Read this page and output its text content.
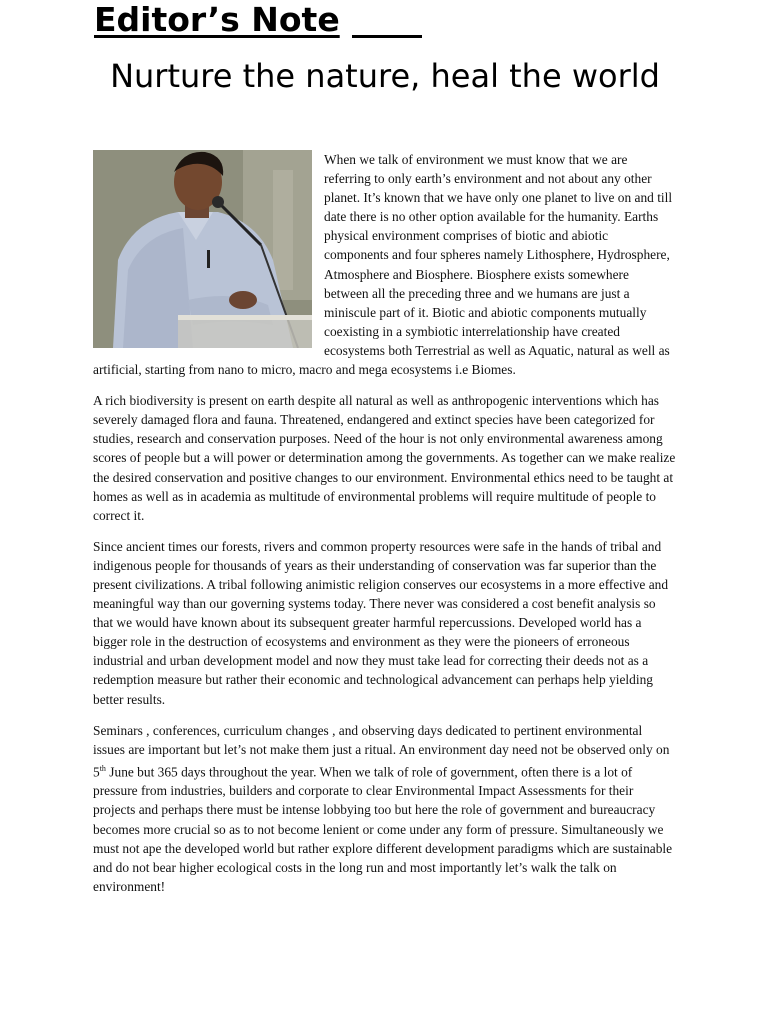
Editor’s Note
Nurture the nature, heal the world

When we talk of environment we must know that we are referring to only earth’s environment and not about any other planet. It’s known that we have only one planet to live on and till date there is no other option available for the humanity. Earths physical environment comprises of biotic and abiotic components and four spheres namely Lithosphere, Hydrosphere, Atmosphere and Biosphere. Biosphere exists somewhere between all the preceding three and we humans are just a miniscule part of it. Biotic and abiotic components mutually coexisting in a symbiotic interrelationship have created ecosystems both Terrestrial as well as Aquatic, natural as well as artificial, starting from nano to micro, macro and mega ecosystems i.e Biomes.

A rich biodiversity is present on earth despite all natural as well as anthropogenic interventions which has severely damaged flora and fauna. Threatened, endangered and extinct species have been categorized for studies, research and conservation purposes. Need of the hour is not only environmental awareness among scores of people but a will power or determination among the governments. As together can we make realize the desired conservation and positive changes to our environment. Environmental ethics need to be taught at homes as well as in academia as multitude of environmental problems will require multitude of people to correct it.

Since ancient times our forests, rivers and common property resources were safe in the hands of tribal and indigenous people for thousands of years as their understanding of conservation was far superior than the present civilizations. A tribal following animistic religion conserves our ecosystems in a more effective and meaningful way than our governing systems today. There never was considered a cost benefit analysis so that we would have known about its subsequent greater harmful repercussions. Developed world has a bigger role in the destruction of ecosystems and environment as they were the pioneers of erroneous industrial and urban development model and now they must take lead for correcting their deeds not as a redemption measure but rather their economic and technological advancement can perhaps help yielding better results.

Seminars , conferences, curriculum changes , and observing days dedicated to pertinent environmental issues are important but let’s not make them just a ritual. An environment day need not be observed only on 5th June but 365 days throughout the year. When we talk of role of government, often there is a lot of pressure from industries, builders and corporate to clear Environmental Impact Assessments for their projects and perhaps there must be intense lobbying too but here the role of government and bureaucracy becomes more crucial so as to not become lenient or come under any form of pressure. Simultaneously we must not ape the developed world but rather explore different development paradigms which are sustainable and do not bear higher ecological costs in the long run and most importantly let’s walk the talk on environment!
